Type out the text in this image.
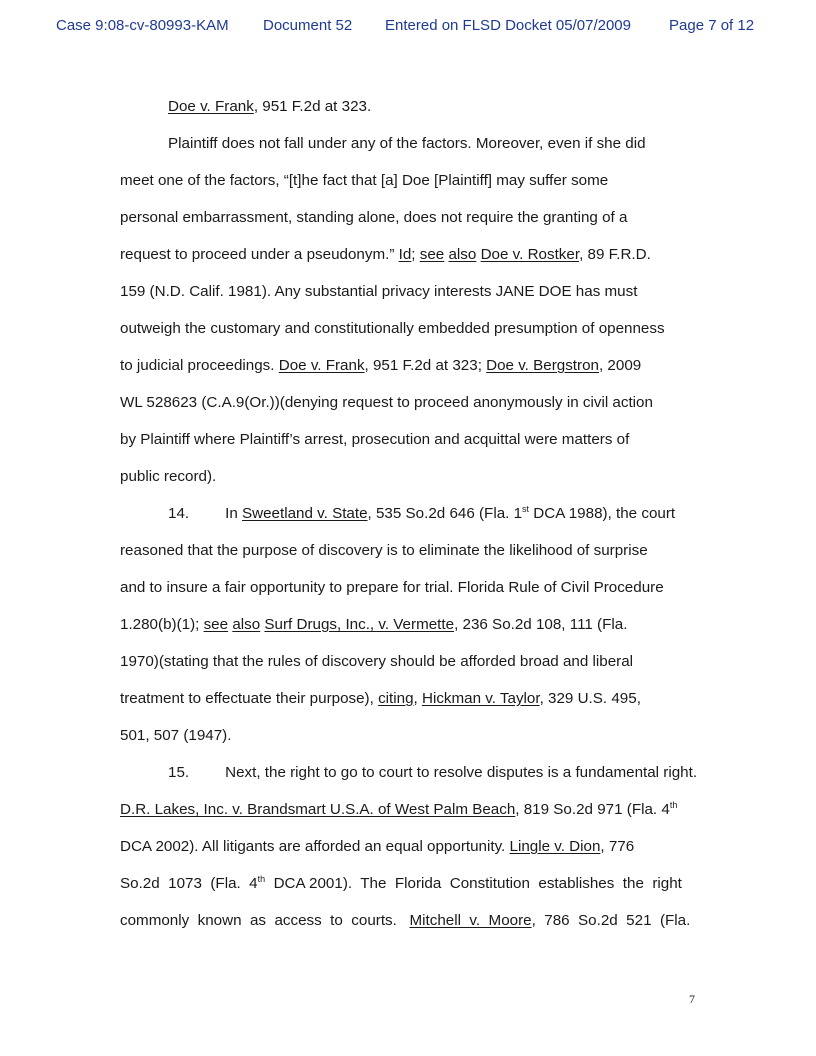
Case 9:08-cv-80993-KAM Document 52 Entered on FLSD Docket 05/07/2009	Page 7 of 12
Doe v. Frank, 951 F.2d at 323.
Plaintiff does not fall under any of the factors. Moreover, even if she did
meet one of the factors, “[t]he fact that [a] Doe [Plaintiff] may suffer some
personal embarrassment, standing alone, does not require the granting of a
request to proceed under a pseudonym.” Id; see also Doe v. Rostker, 89 F.R.D.
159 (N.D. Calif. 1981). Any substantial privacy interests JANE DOE has must
outweigh the customary and constitutionally embedded presumption of openness
to judicial proceedings. Doe v. Frank, 951 F.2d at 323; Doe v. Bergstron, 2009
WL 528623 (C.A.9(Or.))(denying request to proceed anonymously in civil action
by Plaintiff where Plaintiff’s arrest, prosecution and acquittal were matters of
public record).
14. In Sweetland v. State, 535 So.2d 646 (Fla. 1st DCA 1988), the court
reasoned that the purpose of discovery is to eliminate the likelihood of surprise
and to insure a fair opportunity to prepare for trial. Florida Rule of Civil Procedure
1.280(b)(1); see also Surf Drugs, Inc., v. Vermette, 236 So.2d 108, 111 (Fla.
1970)(stating that the rules of discovery should be afforded broad and liberal
treatment to effectuate their purpose), citing, Hickman v. Taylor, 329 U.S. 495,
501, 507 (1947).
15. Next, the right to go to court to resolve disputes is a fundamental right.
D.R. Lakes, Inc. v. Brandsmart U.S.A. of West Palm Beach, 819 So.2d 971 (Fla. 4th
DCA 2002). All litigants are afforded an equal opportunity. Lingle v. Dion, 776
So.2d  1073  (Fla.  4th  DCA 2001).  The  Florida  Constitution  establishes  the  right
commonly  known  as  access  to  courts.   Mitchell  v.  Moore,  786  So.2d  521  (Fla.
7
